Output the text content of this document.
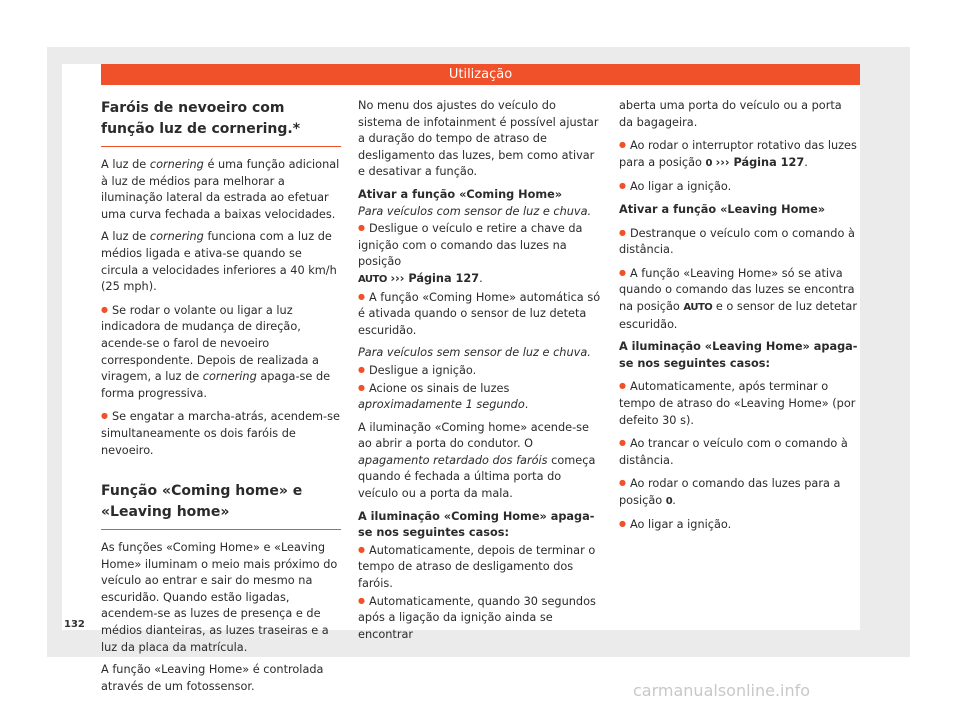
Utilização

Faróis de nevoeiro com função luz de cornering.*

A luz de cornering é uma função adicional à luz de médios para melhorar a iluminação lateral da estrada ao efetuar uma curva fechada a baixas velocidades.

A luz de cornering funciona com a luz de médios ligada e ativa-se quando se circula a velocidades inferiores a 40 km/h (25 mph).

● Se rodar o volante ou ligar a luz indicadora de mudança de direção, acende-se o farol de nevoeiro correspondente. Depois de realizada a viragem, a luz de cornering apaga-se de forma progressiva.

● Se engatar a marcha-atrás, acendem-se simultaneamente os dois faróis de nevoeiro.

Função «Coming home» e «Leaving home»

As funções «Coming Home» e «Leaving Home» iluminam o meio mais próximo do veículo ao entrar e sair do mesmo na escuridão. Quando estão ligadas, acendem-se as luzes de presença e de médios dianteiras, as luzes traseiras e a luz da placa da matrícula.

A função «Leaving Home» é controlada através de um fotossensor.

No menu dos ajustes do veículo do sistema de infotainment é possível ajustar a duração do tempo de atraso de desligamento das luzes, bem como ativar e desativar a função.

Ativar a função «Coming Home»

Para veículos com sensor de luz e chuva.

● Desligue o veículo e retire a chave da ignição com o comando das luzes na posição
AUTO ››› Página 127.

● A função «Coming Home» automática só é ativada quando o sensor de luz deteta escuridão.

Para veículos sem sensor de luz e chuva.

● Desligue a ignição.

● Acione os sinais de luzes aproximadamente 1 segundo.

A iluminação «Coming home» acende-se ao abrir a porta do condutor. O apagamento retardado dos faróis começa quando é fechada a última porta do veículo ou a porta da mala.

A iluminação «Coming Home» apaga-se nos seguintes casos:

● Automaticamente, depois de terminar o tempo de atraso de desligamento dos faróis.

● Automaticamente, quando 30 segundos após a ligação da ignição ainda se encontrar

aberta uma porta do veículo ou a porta da bagageira.

● Ao rodar o interruptor rotativo das luzes para a posição 0 ››› Página 127.

● Ao ligar a ignição.

Ativar a função «Leaving Home»

● Destranque o veículo com o comando à distância.

● A função «Leaving Home» só se ativa quando o comando das luzes se encontra na posição AUTO e o sensor de luz detetar escuridão.

A iluminação «Leaving Home» apaga-se nos seguintes casos:

● Automaticamente, após terminar o tempo de atraso do «Leaving Home» (por defeito 30 s).

● Ao trancar o veículo com o comando à distância.

● Ao rodar o comando das luzes para a posição 0.

● Ao ligar a ignição.

132
carmanualsonline.info
